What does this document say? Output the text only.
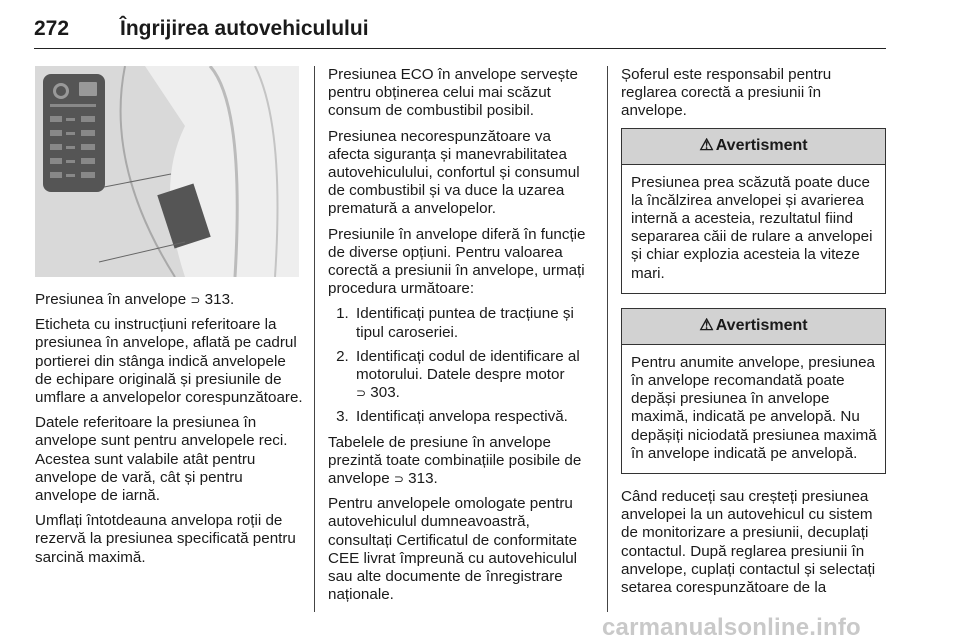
272 Îngrijirea autovehiculului

Presiunea în anvelope ⊃ 313.

Eticheta cu instrucțiuni referitoare la presiunea în anvelope, aflată pe cadrul portierei din stânga indică anvelopele de echipare originală și presiunile de umflare a anvelopelor corespunzătoare.

Datele referitoare la presiunea în anvelope sunt pentru anvelopele reci. Acestea sunt valabile atât pentru anvelope de vară, cât și pentru anvelope de iarnă.

Umflați întotdeauna anvelopa roții de rezervă la presiunea specificată pentru sarcină maximă.

Presiunea ECO în anvelope servește pentru obținerea celui mai scăzut consum de combustibil posibil.

Presiunea necorespunzătoare va afecta siguranța și manevrabilitatea autovehiculului, confortul și consumul de combustibil și va duce la uzarea prematură a anvelopelor.

Presiunile în anvelope diferă în funcție de diverse opțiuni. Pentru valoarea corectă a presiunii în anvelope, urmați procedura următoare:

1. Identificați puntea de tracțiune și tipul caroseriei.
2. Identificați codul de identificare al motorului. Datele despre motor
⊃ 303.
3. Identificați anvelopa respectivă.

Tabelele de presiune în anvelope prezintă toate combinațiile posibile de anvelope ⊃ 313.

Pentru anvelopele omologate pentru autovehiculul dumneavoastră, consultați Certificatul de conformitate CEE livrat împreună cu autovehiculul sau alte documente de înregistrare naționale.

Șoferul este responsabil pentru reglarea corectă a presiunii în anvelope.

⚠ Avertisment
Presiunea prea scăzută poate duce la încălzirea anvelopei și avarierea internă a acesteia, rezultatul fiind separarea căii de rulare a anvelopei și chiar explozia acesteia la viteze mari.
⚠ Avertisment
Pentru anumite anvelope, presiunea în anvelope recomandată poate depăși presiunea în anvelope maximă, indicată pe anvelopă. Nu depășiți niciodată presiunea maximă în anvelope indicată pe anvelopă.

Când reduceți sau creșteți presiunea anvelopei la un autovehicul cu sistem de monitorizare a presiunii, decuplați contactul. După reglarea presiunii în anvelope, cuplați contactul și selectați setarea corespunzătoare de la

carmanualsonline.info
